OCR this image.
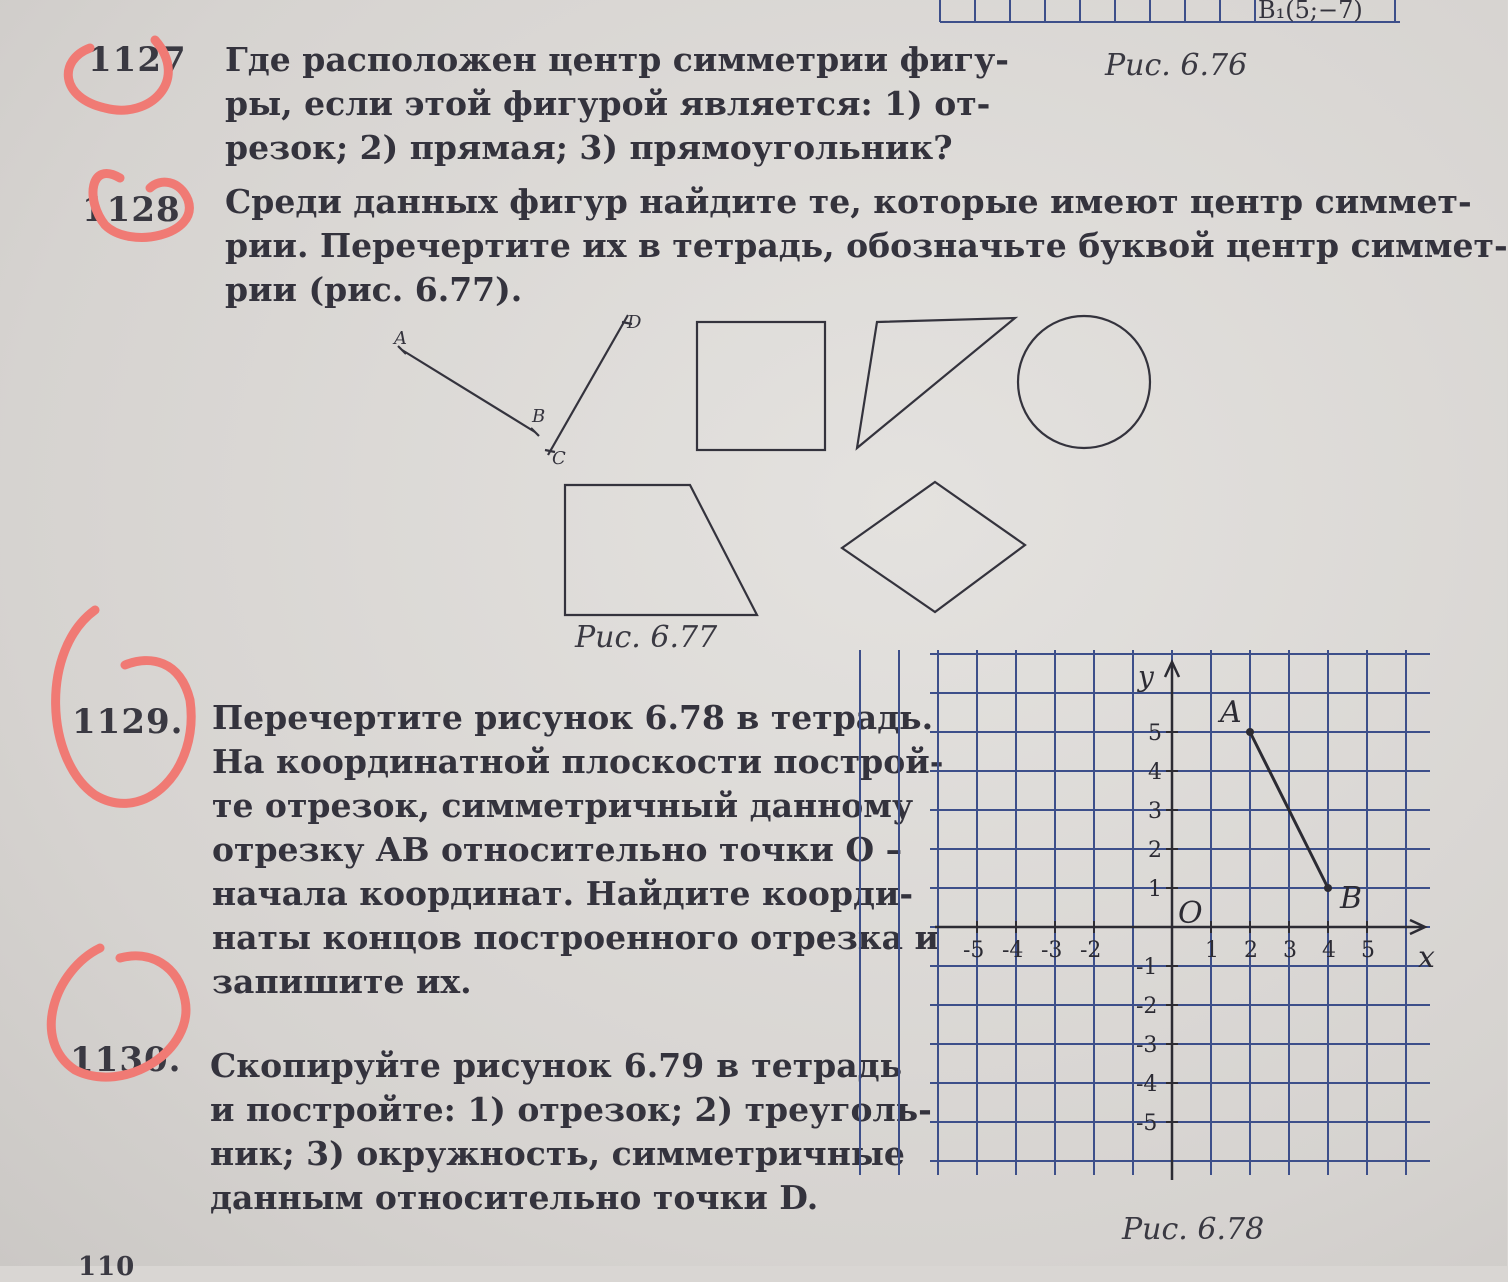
B₁(5;−7)
Рис. 6.76
1127 Где расположен центр симметрии фигу-
ры, если этой фигурой является: 1) от-
резок; 2) прямая; 3) прямоугольник?
1128. Среди данных фигур найдите те, которые имеют центр симмет-
рии. Перечертите их в тетрадь, обозначьте буквой центр симмет-
рии (рис. 6.77).
A
B
C
D
Рис. 6.77
1129. Перечертите рисунок 6.78 в тетрадь.
На координатной плоскости построй-
те отрезок, симметричный данному
отрезку AB относительно точки O –
начала координат. Найдите коорди-
наты концов построенного отрезка и
запишите их.
1130. Скопируйте рисунок 6.79 в тетрадь
и постройте: 1) отрезок; 2) треуголь-
ник; 3) окружность, симметричные
данным относительно точки D.
110
-5 -4 -3 -2	1 2 3 4 5
5
4
3
2
1
-1
-2
-3
-4
-5
A
B
O
x
y
Рис. 6.78
